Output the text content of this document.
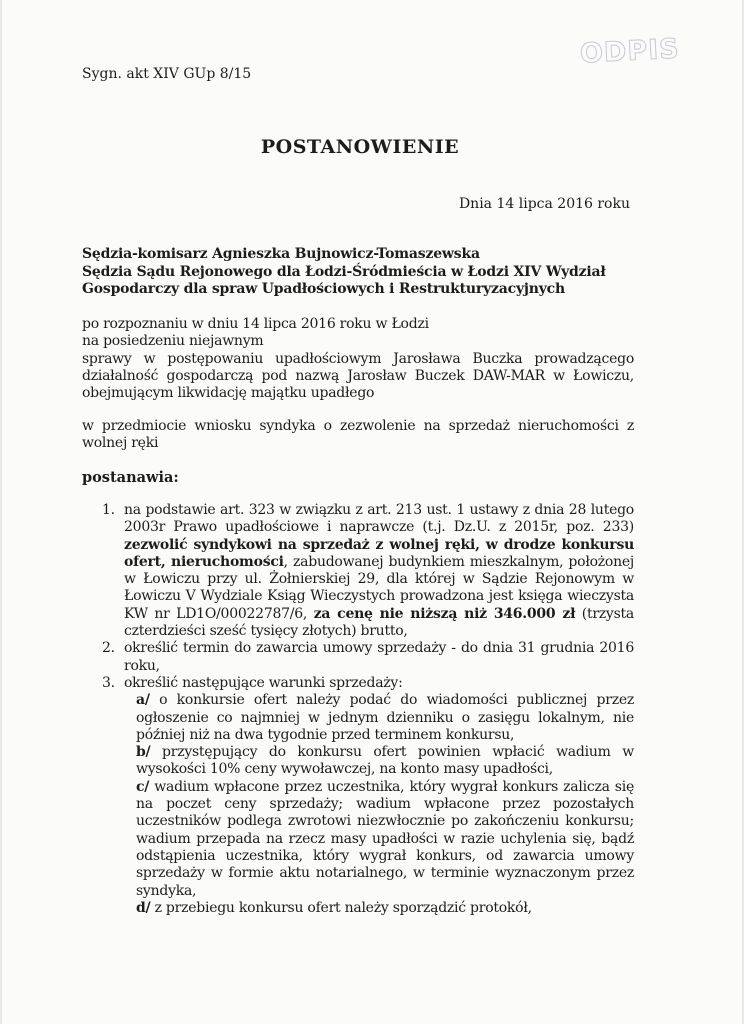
ODPIS
Sygn. akt XIV GUp 8/15
POSTANOWIENIE
Dnia 14 lipca 2016 roku
Sędzia-komisarz Agnieszka Bujnowicz-Tomaszewska
Sędzia Sądu Rejonowego dla Łodzi-Śródmieścia w Łodzi XIV Wydział Gospodarczy dla spraw Upadłościowych i Restrukturyzacyjnych

po rozpoznaniu w dniu 14 lipca 2016 roku w Łodzi

na posiedzeniu niejawnym

sprawy w postępowaniu upadłościowym Jarosława Buczka prowadzącego działalność gospodarczą pod nazwą Jarosław Buczek DAW-MAR w Łowiczu, obejmującym likwidację majątku upadłego

w przedmiocie wniosku syndyka o zezwolenie na sprzedaż nieruchomości z wolnej ręki
postanawia:
1. na podstawie art. 323 w związku z art. 213 ust. 1 ustawy z dnia 28 lutego 2003r Prawo upadłościowe i naprawcze (t.j. Dz.U. z 2015r, poz. 233) zezwolić syndykowi na sprzedaż z wolnej ręki, w drodze konkursu ofert, nieruchomości, zabudowanej budynkiem mieszkalnym, położonej w Łowiczu przy ul. Żołnierskiej 29, dla której w Sądzie Rejonowym w Łowiczu V Wydziale Ksiąg Wieczystych prowadzona jest księga wieczysta KW nr LD1O/00022787/6, za cenę nie niższą niż 346.000 zł (trzysta czterdzieści sześć tysięcy złotych) brutto,
2. określić termin do zawarcia umowy sprzedaży - do dnia 31 grudnia 2016 roku,
3. określić następujące warunki sprzedaży:

a/ o konkursie ofert należy podać do wiadomości publicznej przez ogłoszenie co najmniej w jednym dzienniku o zasięgu lokalnym, nie później niż na dwa tygodnie przed terminem konkursu,

b/ przystępujący do konkursu ofert powinien wpłacić wadium w wysokości 10% ceny wywoławczej, na konto masy upadłości,

c/ wadium wpłacone przez uczestnika, który wygrał konkurs zalicza się na poczet ceny sprzedaży; wadium wpłacone przez pozostałych uczestników podlega zwrotowi niezwłocznie po zakończeniu konkursu; wadium przepada na rzecz masy upadłości w razie uchylenia się, bądź odstąpienia uczestnika, który wygrał konkurs, od zawarcia umowy sprzedaży w formie aktu notarialnego, w terminie wyznaczonym przez syndyka,

d/ z przebiegu konkursu ofert należy sporządzić protokół,
